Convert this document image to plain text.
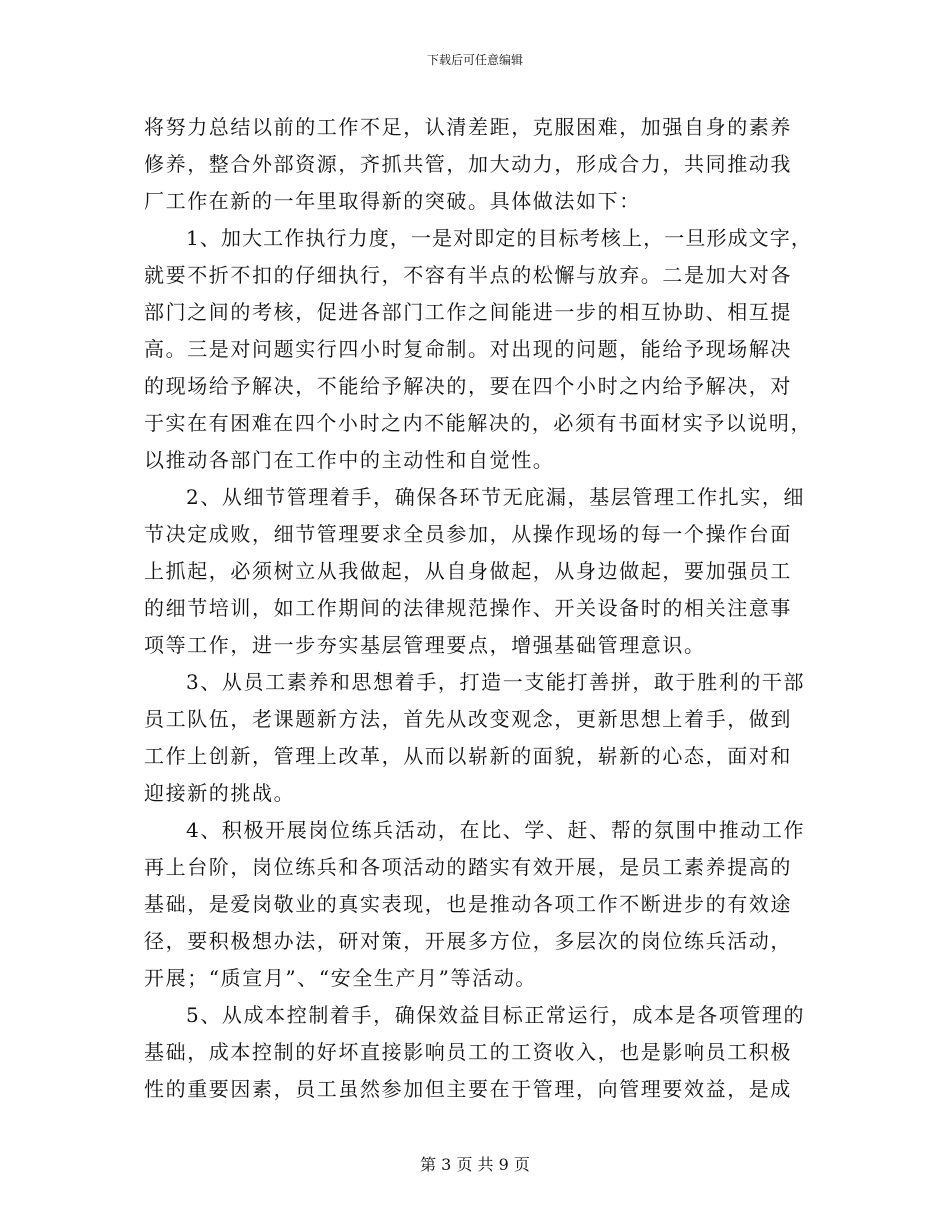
下载后可任意编辑
将努力总结以前的工作不足，认清差距，克服困难，加强自身的素养
修养，整合外部资源，齐抓共管，加大动力，形成合力，共同推动我
厂工作在新的一年里取得新的突破。具体做法如下：
1、加大工作执行力度，一是对即定的目标考核上，一旦形成文字，
就要不折不扣的仔细执行，不容有半点的松懈与放弃。二是加大对各
部门之间的考核，促进各部门工作之间能进一步的相互协助、相互提
高。三是对问题实行四小时复命制。对出现的问题，能给予现场解决
的现场给予解决，不能给予解决的，要在四个小时之内给予解决，对
于实在有困难在四个小时之内不能解决的，必须有书面材实予以说明，
以推动各部门在工作中的主动性和自觉性。
2、从细节管理着手，确保各环节无庇漏，基层管理工作扎实，细
节决定成败，细节管理要求全员参加，从操作现场的每一个操作台面
上抓起，必须树立从我做起，从自身做起，从身边做起，要加强员工
的细节培训，如工作期间的法律规范操作、开关设备时的相关注意事
项等工作，进一步夯实基层管理要点，增强基础管理意识。
3、从员工素养和思想着手，打造一支能打善拼，敢于胜利的干部
员工队伍，老课题新方法，首先从改变观念，更新思想上着手，做到
工作上创新，管理上改革，从而以崭新的面貌，崭新的心态，面对和
迎接新的挑战。
4、积极开展岗位练兵活动，在比、学、赶、帮的氛围中推动工作
再上台阶，岗位练兵和各项活动的踏实有效开展，是员工素养提高的
基础，是爱岗敬业的真实表现，也是推动各项工作不断进步的有效途
径，要积极想办法，研对策，开展多方位，多层次的岗位练兵活动，
开展；“质宣月”、“安全生产月”等活动。
5、从成本控制着手，确保效益目标正常运行，成本是各项管理的
基础，成本控制的好坏直接影响员工的工资收入，也是影响员工积极
性的重要因素，员工虽然参加但主要在于管理，向管理要效益，是成
第 3 页 共 9 页
